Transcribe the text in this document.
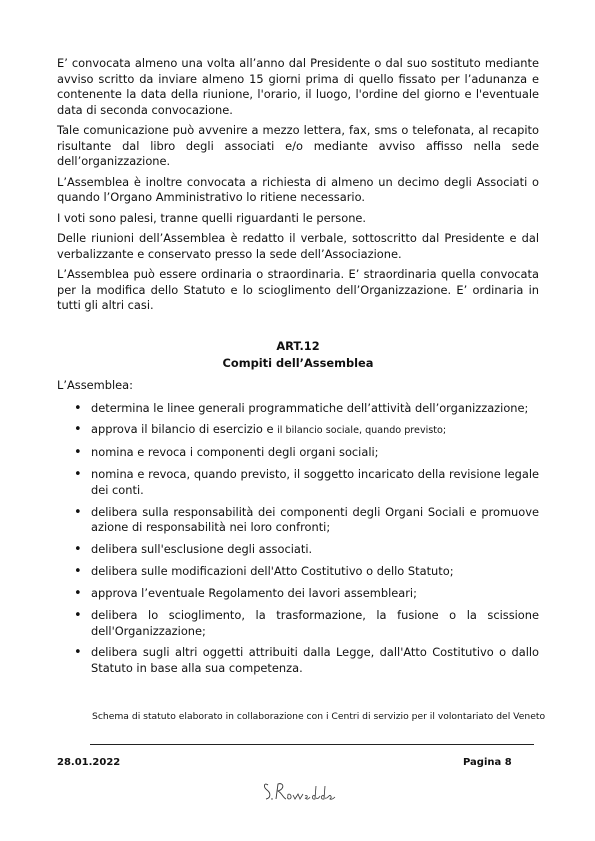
E’ convocata almeno una volta all’anno dal Presidente o dal suo sostituto mediante avviso scritto da inviare almeno 15 giorni prima di quello fissato per l’adunanza e contenente la data della riunione, l'orario, il luogo, l'ordine del giorno e l'eventuale data di seconda convocazione.

Tale comunicazione può avvenire a mezzo lettera, fax, sms o telefonata, al recapito risultante dal libro degli associati e/o mediante avviso affisso nella sede dell’organizzazione.

L’Assemblea è inoltre convocata a richiesta di almeno un decimo degli Associati o quando l’Organo Amministrativo lo ritiene necessario.

I voti sono palesi, tranne quelli riguardanti le persone.

Delle riunioni dell’Assemblea è redatto il verbale, sottoscritto dal Presidente e dal verbalizzante e conservato presso la sede dell’Associazione.

L’Assemblea può essere ordinaria o straordinaria. E’ straordinaria quella convocata per la modifica dello Statuto e lo scioglimento dell’Organizzazione. E’ ordinaria in tutti gli altri casi.

ART.12
Compiti dell’Assemblea

L’Assemblea:

• determina le linee generali programmatiche dell’attività dell’organizzazione;
• approva il bilancio di esercizio e il bilancio sociale, quando previsto;
• nomina e revoca i componenti degli organi sociali;
• nomina e revoca, quando previsto, il soggetto incaricato della revisione legale dei conti.
• delibera sulla responsabilità dei componenti degli Organi Sociali e promuove azione di responsabilità nei loro confronti;
• delibera sull'esclusione degli associati.
• delibera sulle modificazioni dell'Atto Costitutivo o dello Statuto;
• approva l’eventuale Regolamento dei lavori assembleari;
• delibera lo scioglimento, la trasformazione, la fusione o la scissione dell'Organizzazione;
• delibera sugli altri oggetti attribuiti dalla Legge, dall'Atto Costitutivo o dallo Statuto in base alla sua competenza.
Schema di statuto elaborato in collaborazione con i Centri di servizio per il volontariato del Veneto
28.01.2022	Pagina 8
